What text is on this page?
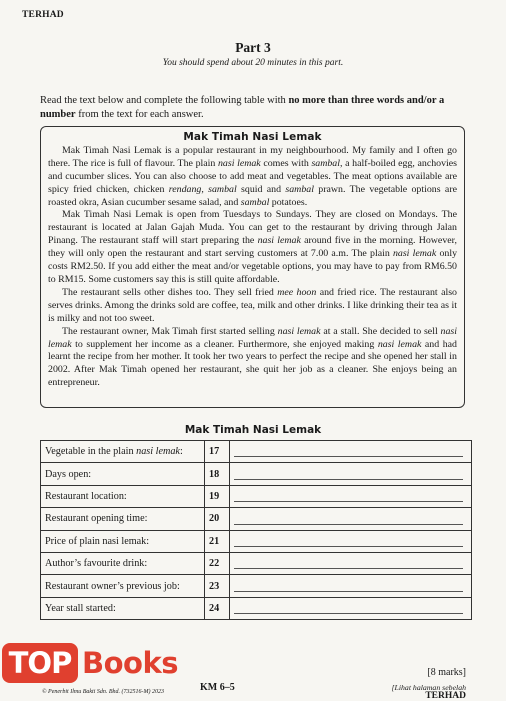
TERHAD
Part 3
You should spend about 20 minutes in this part.
Read the text below and complete the following table with no more than three words and/or a number from the text for each answer.
Mak Timah Nasi Lemak

Mak Timah Nasi Lemak is a popular restaurant in my neighbourhood. My family and I often go there. The rice is full of flavour. The plain nasi lemak comes with sambal, a half-boiled egg, anchovies and cucumber slices. You can also choose to add meat and vegetables. The meat options available are spicy fried chicken, chicken rendang, sambal squid and sambal prawn. The vegetable options are roasted okra, Asian cucumber sesame salad, and sambal potatoes.

Mak Timah Nasi Lemak is open from Tuesdays to Sundays. They are closed on Mondays. The restaurant is located at Jalan Gajah Muda. You can get to the restaurant by driving through Jalan Pinang. The restaurant staff will start preparing the nasi lemak around five in the morning. However, they will only open the restaurant and start serving customers at 7.00 a.m. The plain nasi lemak only costs RM2.50. If you add either the meat and/or vegetable options, you may have to pay from RM6.50 to RM15. Some customers say this is still quite affordable.

The restaurant sells other dishes too. They sell fried mee hoon and fried rice. The restaurant also serves drinks. Among the drinks sold are coffee, tea, milk and other drinks. I like drinking their tea as it is milky and not too sweet.

The restaurant owner, Mak Timah first started selling nasi lemak at a stall. She decided to sell nasi lemak to supplement her income as a cleaner. Furthermore, she enjoyed making nasi lemak and had learnt the recipe from her mother. It took her two years to perfect the recipe and she opened her stall in 2002. After Mak Timah opened her restaurant, she quit her job as a cleaner. She enjoys being an entrepreneur.

Mak Timah Nasi Lemak
Vegetable in the plain nasi lemak:	17	

Days open:	18	

Restaurant location:	19	

Restaurant opening time:	20	

Price of plain nasi lemak:	21	

Author’s favourite drink:	22	

Restaurant owner’s previous job:	23	

Year stall started:	24	
[8 marks]
TOP Books
© Penerbit Ilmu Bakti Sdn. Bhd. (732516-M) 2023	KM 6–5	[Lihat halaman sebelah
TERHAD
